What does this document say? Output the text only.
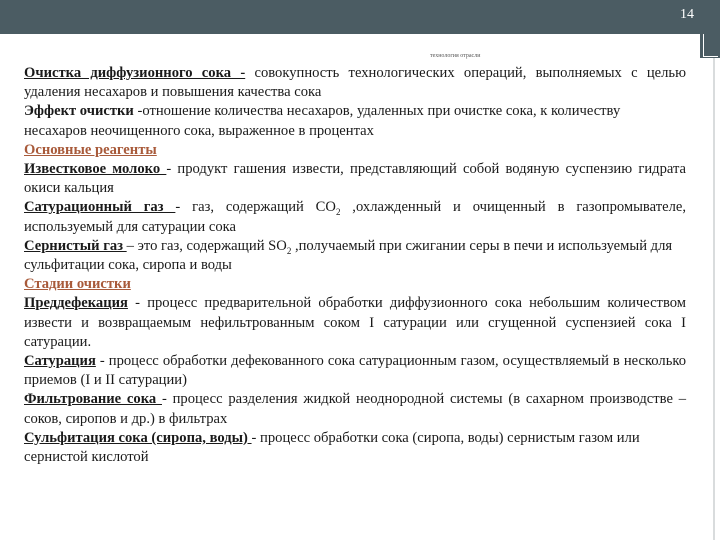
14
технология отрасли

Очистка диффузионного сока - совокупность технологических операций, выполняемых с целью удаления несахаров и повышения качества сока

Эффект очистки -отношение количества несахаров, удаленных при очистке сока, к количеству несахаров неочищенного сока, выраженное в процентах

Основные реагенты

Известковое молоко - продукт гашения извести, представляющий собой водяную суспензию гидрата окиси кальция

Сатурационный газ - газ, содержащий $CO_2$ ,охлажденный и очищенный в газопромывателе, используемый для сатурации сока

Сернистый газ – это газ, содержащий $SO_2$ ,получаемый при сжигании серы в печи и используемый для сульфитации сока, сиропа и воды

Стадии очистки

Преддефекация - процесс предварительной обработки диффузионного сока небольшим количеством извести и возвращаемым нефильтрованным соком I сатурации или сгущенной суспензией сока I сатурации.

Сатурация - процесс обработки дефекованного сока сатурационным газом, осуществляемый в несколько приемов (I и II сатурации)

Фильтрование сока - процесс разделения жидкой неоднородной системы (в сахарном производстве – соков, сиропов и др.) в фильтрах

Сульфитация сока (сиропа, воды) - процесс обработки сока (сиропа, воды) сернистым газом или сернистой кислотой
